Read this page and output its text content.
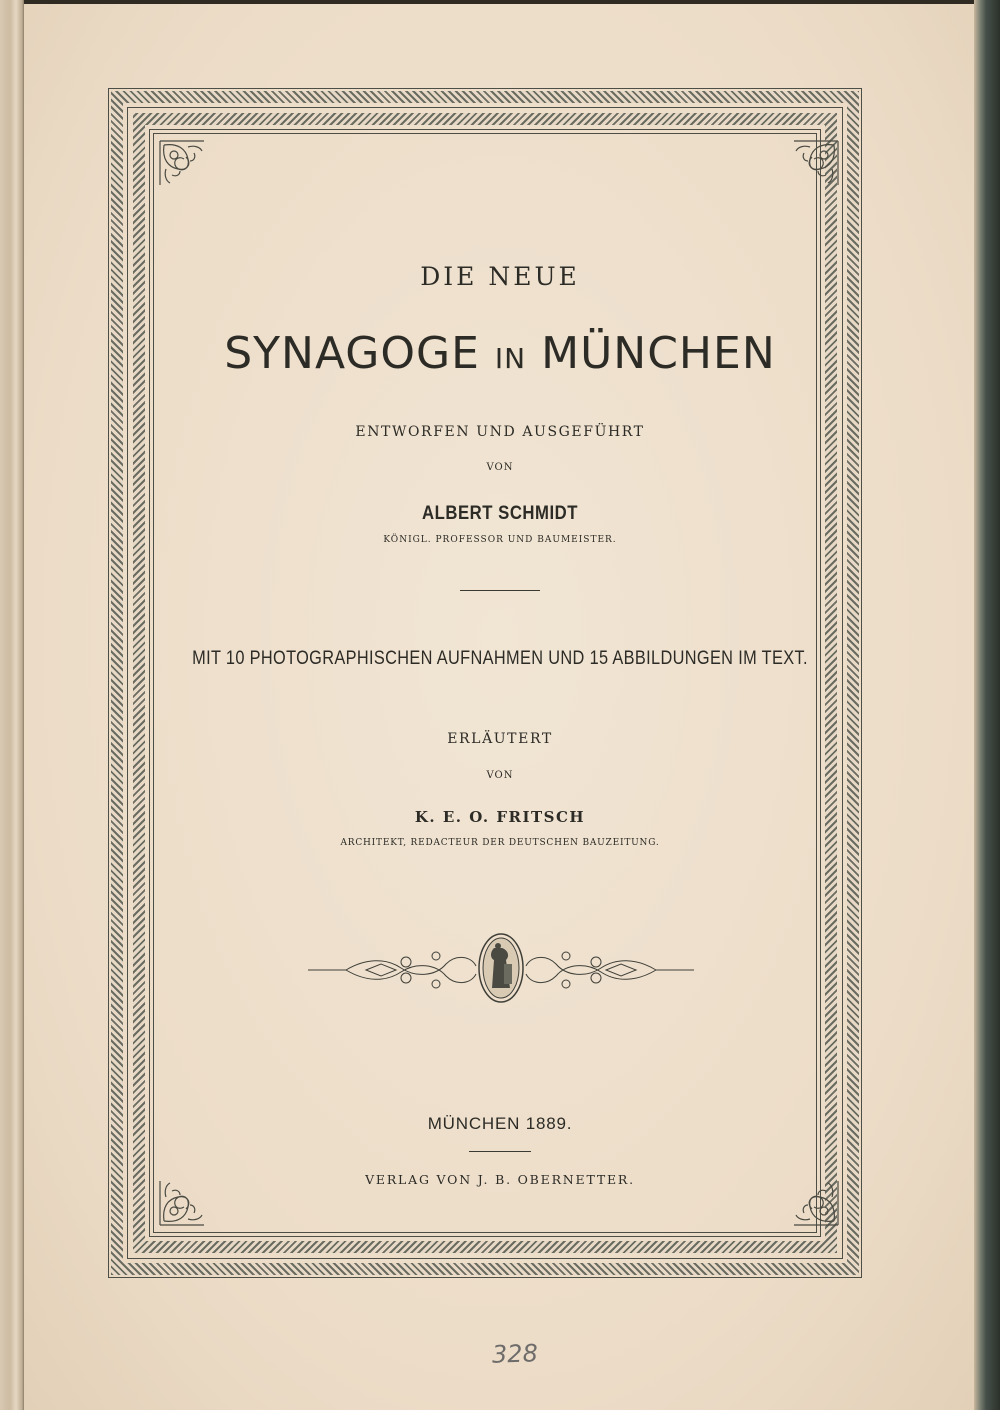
DIE NEUE
SYNAGOGE IN MÜNCHEN
ENTWORFEN UND AUSGEFÜHRT
VON
ALBERT SCHMIDT
KÖNIGL. PROFESSOR UND BAUMEISTER.
MIT 10 PHOTOGRAPHISCHEN AUFNAHMEN UND 15 ABBILDUNGEN IM TEXT.
ERLÄUTERT
VON
K. E. O. FRITSCH
ARCHITEKT, REDACTEUR DER DEUTSCHEN BAUZEITUNG.
MÜNCHEN 1889.
VERLAG VON J. B. OBERNETTER.
328
